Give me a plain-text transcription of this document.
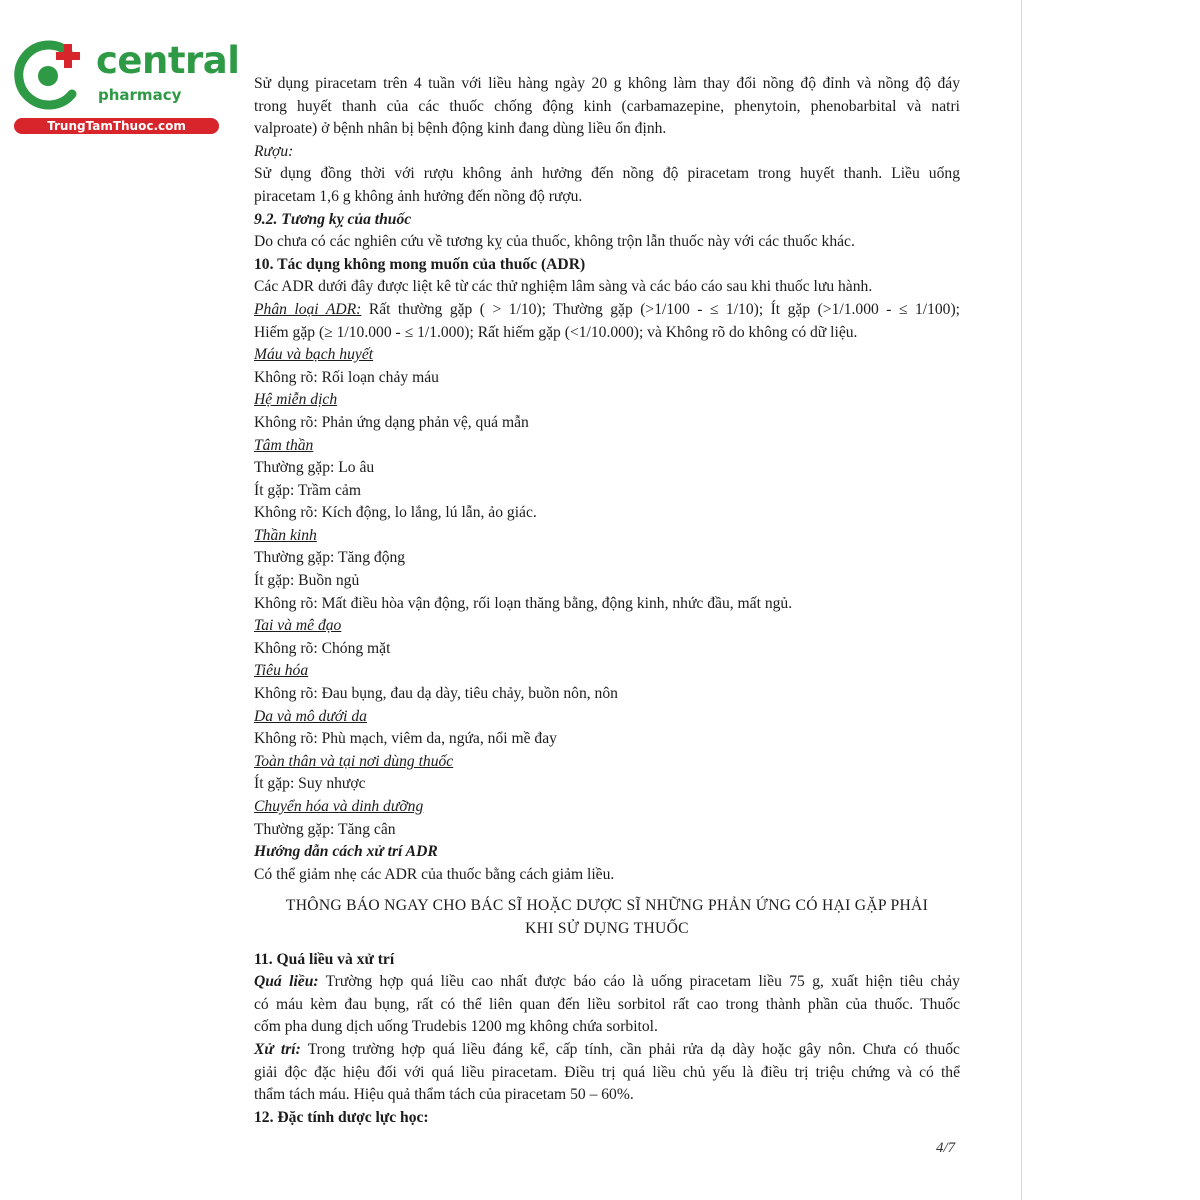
central
pharmacy
TrungTamThuoc.com

Sử dụng piracetam trên 4 tuần với liều hàng ngày 20 g không làm thay đổi nồng độ đỉnh và nồng độ đáy

trong huyết thanh của các thuốc chống động kinh (carbamazepine, phenytoin, phenobarbital và natri

valproate) ở bệnh nhân bị bệnh động kinh đang dùng liều ổn định.

Rượu:

Sử dụng đồng thời với rượu không ảnh hưởng đến nồng độ piracetam trong huyết thanh. Liều uống

piracetam 1,6 g không ảnh hưởng đến nồng độ rượu.

9.2. Tương kỵ của thuốc

Do chưa có các nghiên cứu về tương kỵ của thuốc, không trộn lẫn thuốc này với các thuốc khác.

10. Tác dụng không mong muốn của thuốc (ADR)

Các ADR dưới đây được liệt kê từ các thử nghiệm lâm sàng và các báo cáo sau khi thuốc lưu hành.

Phân loại ADR: Rất thường gặp ( > 1/10); Thường gặp (>1/100 - ≤ 1/10); Ít gặp (>1/1.000 - ≤ 1/100);

Hiếm gặp (≥ 1/10.000 - ≤ 1/1.000); Rất hiếm gặp (<1/10.000); và Không rõ do không có dữ liệu.

Máu và bạch huyết

Không rõ: Rối loạn chảy máu

Hệ miễn dịch

Không rõ: Phản ứng dạng phản vệ, quá mẫn

Tâm thần

Thường gặp: Lo âu

Ít gặp: Trầm cảm

Không rõ: Kích động, lo lắng, lú lẫn, ảo giác.

Thần kinh

Thường gặp: Tăng động

Ít gặp: Buồn ngủ

Không rõ: Mất điều hòa vận động, rối loạn thăng bằng, động kinh, nhức đầu, mất ngủ.

Tai và mê đạo

Không rõ: Chóng mặt

Tiêu hóa

Không rõ: Đau bụng, đau dạ dày, tiêu chảy, buồn nôn, nôn

Da và mô dưới da

Không rõ: Phù mạch, viêm da, ngứa, nổi mề đay

Toàn thân và tại nơi dùng thuốc

Ít gặp: Suy nhược

Chuyển hóa và dinh dưỡng

Thường gặp: Tăng cân

Hướng dẫn cách xử trí ADR

Có thể giảm nhẹ các ADR của thuốc bằng cách giảm liều.

THÔNG BÁO NGAY CHO BÁC SĨ HOẶC DƯỢC SĨ NHỮNG PHẢN ỨNG CÓ HẠI GẶP PHẢI

KHI SỬ DỤNG THUỐC

11. Quá liều và xử trí

Quá liều: Trường hợp quá liều cao nhất được báo cáo là uống piracetam liều 75 g, xuất hiện tiêu chảy

có máu kèm đau bụng, rất có thể liên quan đến liều sorbitol rất cao trong thành phần của thuốc. Thuốc

cốm pha dung dịch uống Trudebis 1200 mg không chứa sorbitol.

Xử trí: Trong trường hợp quá liều đáng kể, cấp tính, cần phải rửa dạ dày hoặc gây nôn. Chưa có thuốc

giải độc đặc hiệu đối với quá liều piracetam. Điều trị quá liều chủ yếu là điều trị triệu chứng và có thể

thẩm tách máu. Hiệu quả thẩm tách của piracetam 50 – 60%.

12. Đặc tính dược lực học:

4/7
